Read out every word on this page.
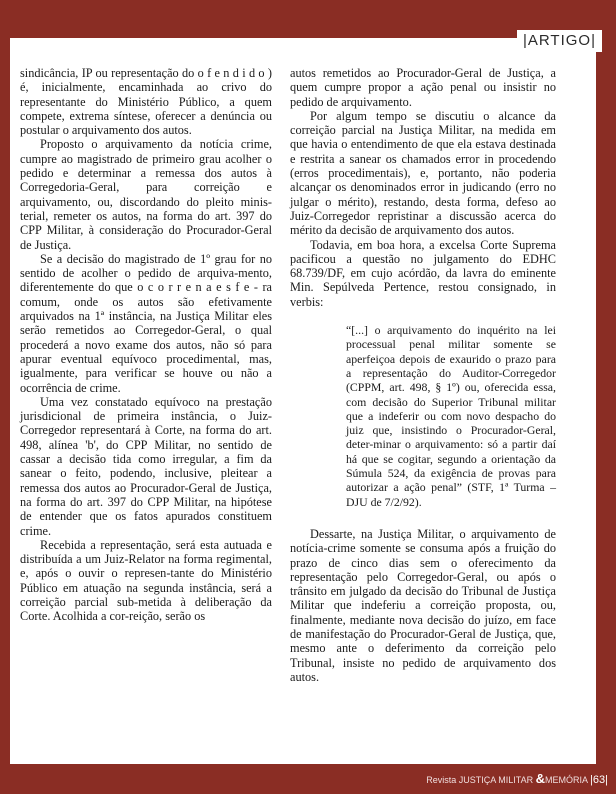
|ARTIGO|

sindicância, IP ou representação do o f e n d i d o ) é, inicialmente, encaminhada ao crivo do representante do Ministério Público, a quem compete, extrema síntese, oferecer a denúncia ou postular o arquivamento dos autos.

Proposto o arquivamento da notícia crime, cumpre ao magistrado de primeiro grau acolher o pedido e determinar a remessa dos autos à Corregedoria-Geral, para correição e arquivamento, ou, discordando do pleito minis-terial, remeter os autos, na forma do art. 397 do CPP Militar, à consideração do Procurador-Geral de Justiça.

Se a decisão do magistrado de 1º grau for no sentido de acolher o pedido de arquiva-mento, diferentemente do que o c o r r e n a e s f e - ra comum, onde os autos são efetivamente arquivados na 1ª instância, na Justiça Militar eles serão remetidos ao Corregedor-Geral, o qual procederá a novo exame dos autos, não só para apurar eventual equívoco procedimental, mas, igualmente, para verificar se houve ou não a ocorrência de crime.

Uma vez constatado equívoco na prestação jurisdicional de primeira instância, o Juiz-Corregedor representará à Corte, na forma do art. 498, alínea 'b', do CPP Militar, no sentido de cassar a decisão tida como irregular, a fim da sanear o feito, podendo, inclusive, pleitear a remessa dos autos ao Procurador-Geral de Justiça, na forma do art. 397 do CPP Militar, na hipótese de entender que os fatos apurados constituem crime.

Recebida a representação, será esta autuada e distribuída a um Juiz-Relator na forma regimental, e, após o ouvir o represen-tante do Ministério Público em atuação na segunda instância, será a correição parcial sub-metida à deliberação da Corte. Acolhida a cor-reição, serão os

autos remetidos ao Procurador-Geral de Justiça, a quem cumpre propor a ação penal ou insistir no pedido de arquivamento.

Por algum tempo se discutiu o alcance da correição parcial na Justiça Militar, na medida em que havia o entendimento de que ela estava destinada e restrita a sanear os chamados error in procedendo (erros procedimentais), e, portanto, não poderia alcançar os denominados error in judicando (erro no julgar o mérito), restando, desta forma, defeso ao Juiz-Corregedor repristinar a discussão acerca do mérito da decisão de arquivamento dos autos.

Todavia, em boa hora, a excelsa Corte Suprema pacificou a questão no julgamento do EDHC 68.739/DF, em cujo acórdão, da lavra do eminente Min. Sepúlveda Pertence, restou consignado, in verbis:

“[...] o arquivamento do inquérito na lei processual penal militar somente se aperfeiçoa depois de exaurido o prazo para a representação do Auditor-Corregedor (CPPM, art. 498, § 1º) ou, oferecida essa, com decisão do Superior Tribunal militar que a indeferir ou com novo despacho do juiz que, insistindo o Procurador-Geral, deter-minar o arquivamento: só a partir daí há que se cogitar, segundo a orientação da Súmula 524, da exigência de provas para autorizar a ação penal” (STF, 1ª Turma – DJU de 7/2/92).

Dessarte, na Justiça Militar, o arquivamento de notícia-crime somente se consuma após a fruição do prazo de cinco dias sem o oferecimento da representação pelo Corregedor-Geral, ou após o trânsito em julgado da decisão do Tribunal de Justiça Militar que indeferiu a correição proposta, ou, finalmente, mediante nova decisão do juízo, em face de manifestação do Procurador-Geral de Justiça, que, mesmo ante o deferimento da correição pelo Tribunal, insiste no pedido de arquivamento dos autos.

Revista JUSTIÇA MILITAR &MEMÓRIA |63|
